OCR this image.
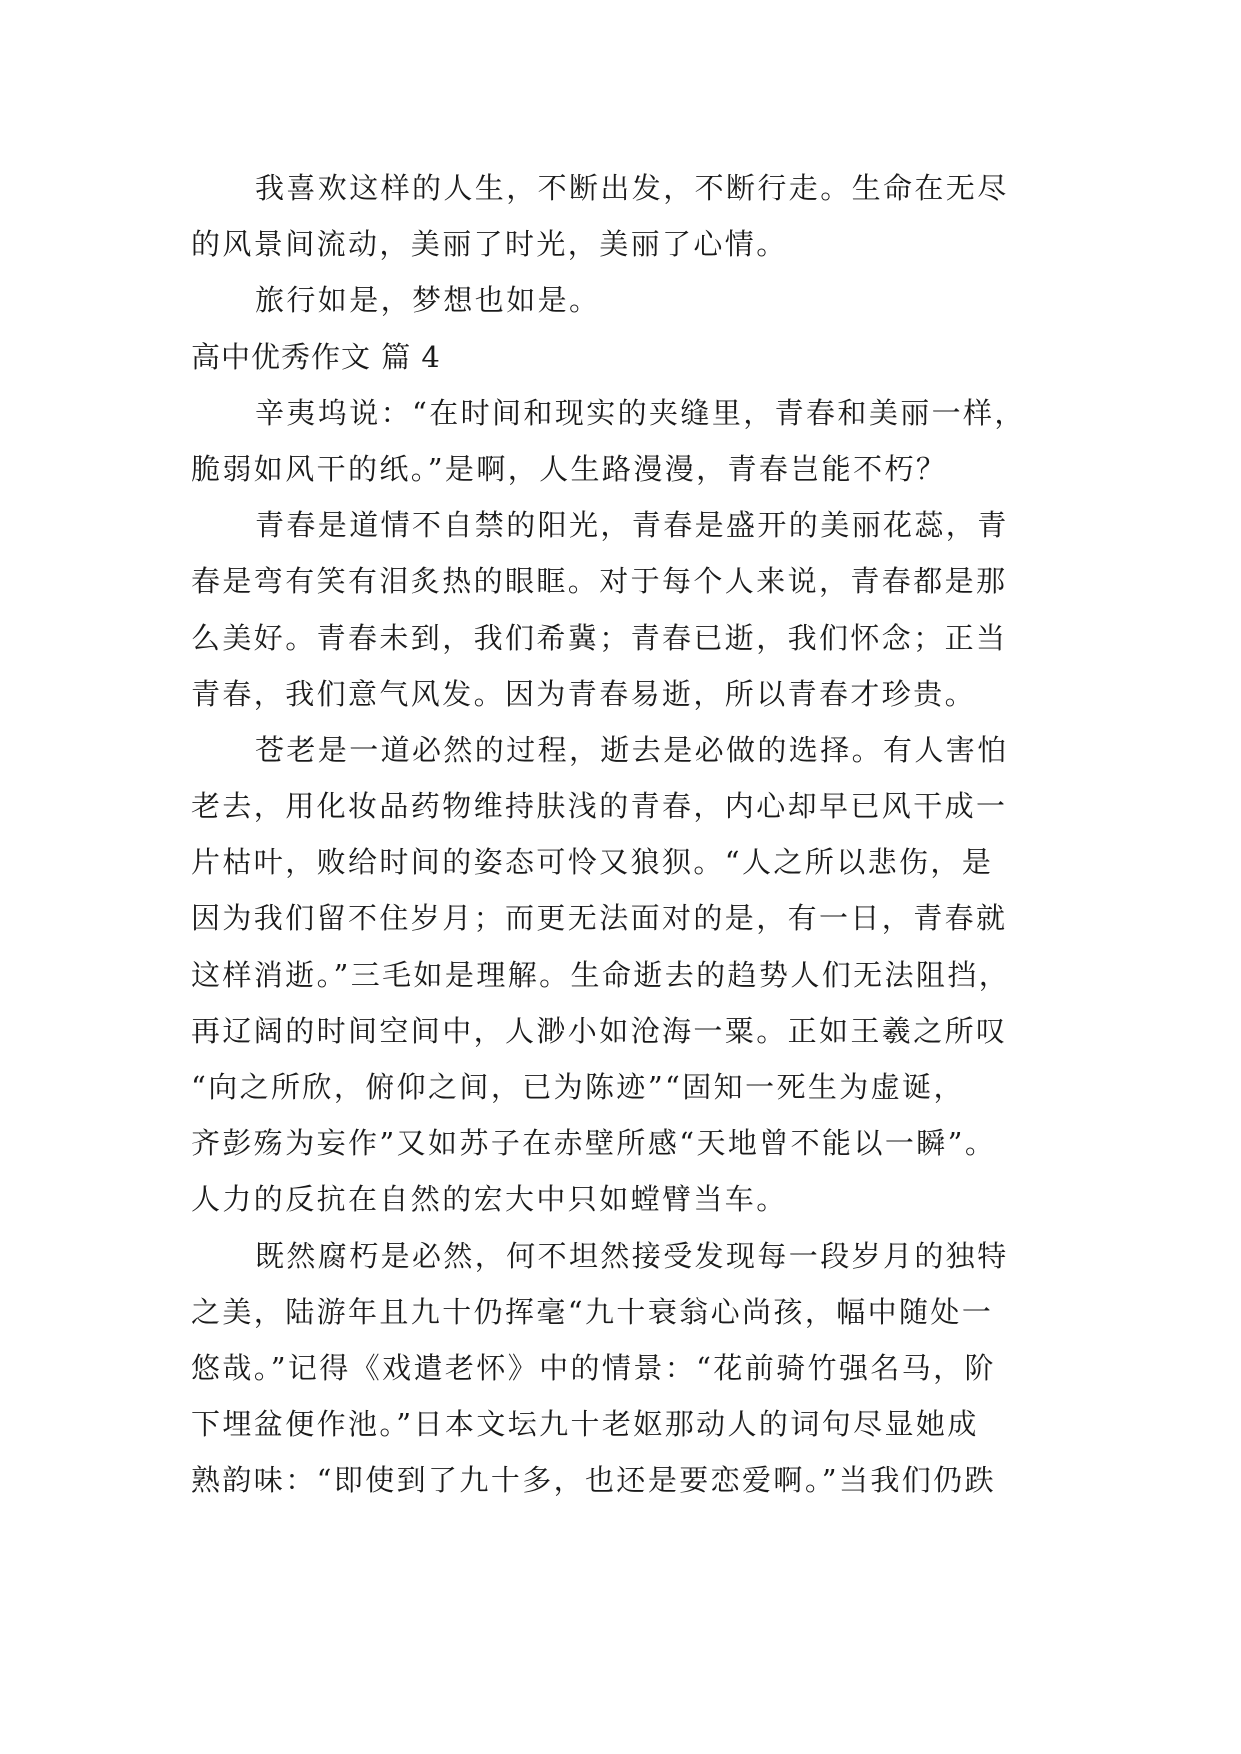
我喜欢这样的人生，不断出发，不断行走。生命在无尽
的风景间流动，美丽了时光，美丽了心情。
旅行如是，梦想也如是。
高中优秀作文 篇 4
辛夷坞说：“在时间和现实的夹缝里，青春和美丽一样，
脆弱如风干的纸。”是啊，人生路漫漫，青春岂能不朽？
青春是道情不自禁的阳光，青春是盛开的美丽花蕊，青
春是弯有笑有泪炙热的眼眶。对于每个人来说，青春都是那
么美好。青春未到，我们希冀；青春已逝，我们怀念；正当
青春，我们意气风发。因为青春易逝，所以青春才珍贵。
苍老是一道必然的过程，逝去是必做的选择。有人害怕
老去，用化妆品药物维持肤浅的青春，内心却早已风干成一
片枯叶，败给时间的姿态可怜又狼狈。“人之所以悲伤，是
因为我们留不住岁月；而更无法面对的是，有一日，青春就
这样消逝。”三毛如是理解。生命逝去的趋势人们无法阻挡，
再辽阔的时间空间中，人渺小如沧海一粟。正如王羲之所叹
“向之所欣，俯仰之间，已为陈迹”“固知一死生为虚诞，
齐彭殇为妄作”又如苏子在赤壁所感“天地曾不能以一瞬”。
人力的反抗在自然的宏大中只如螳臂当车。
既然腐朽是必然，何不坦然接受发现每一段岁月的独特
之美，陆游年且九十仍挥毫“九十衰翁心尚孩，幅中随处一
悠哉。”记得《戏遣老怀》中的情景：“花前骑竹强名马，阶
下埋盆便作池。”日本文坛九十老妪那动人的词句尽显她成
熟韵味：“即使到了九十多，也还是要恋爱啊。”当我们仍跌
